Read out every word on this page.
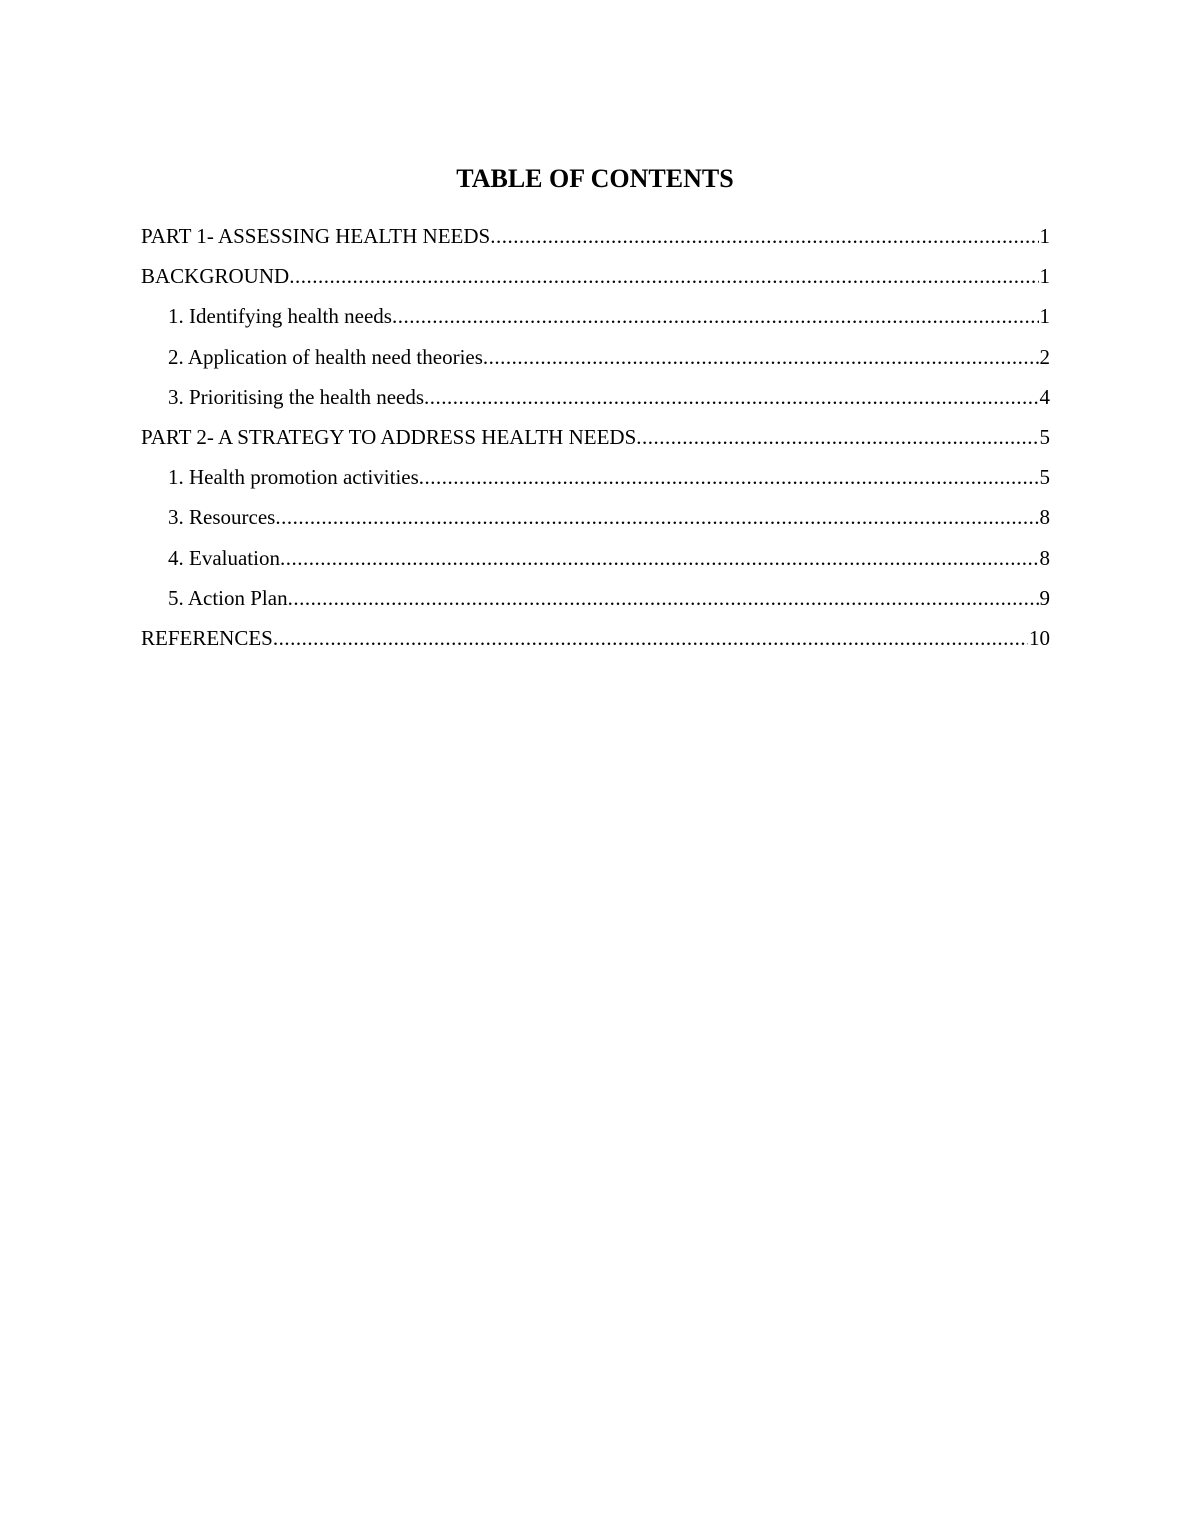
TABLE OF CONTENTS
PART 1- ASSESSING HEALTH NEEDS .....	1
BACKGROUND .....	1
1. Identifying health needs .....	1
2. Application of health need theories .....	2
3. Prioritising the health needs .....	4
PART 2- A STRATEGY TO ADDRESS HEALTH NEEDS .....	5
1. Health promotion activities .....	5
3. Resources .....	8
4. Evaluation .....	8
5. Action Plan .....	9
REFERENCES .....	10
